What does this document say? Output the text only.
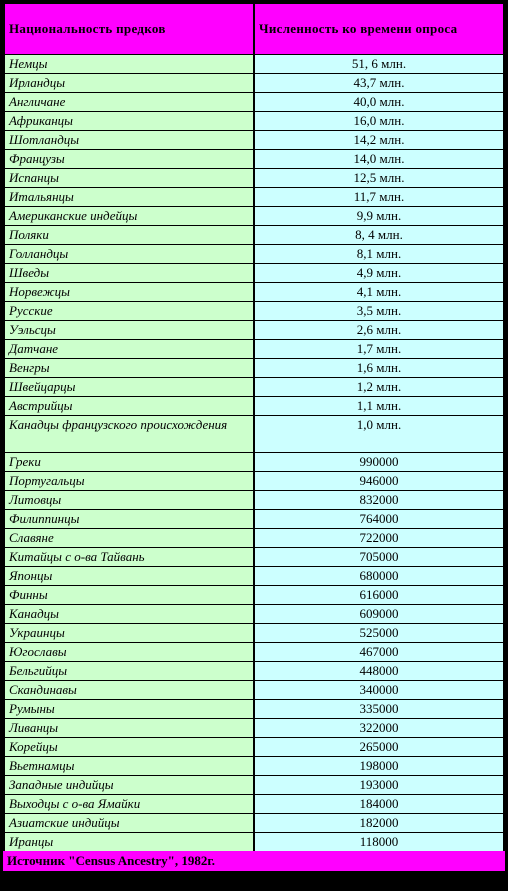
Национальность предков	Численность ко времени опроса
Немцы	51, 6 млн.
Ирландцы	43,7 млн.
Англичане	40,0 млн.
Африканцы	16,0 млн.
Шотландцы	14,2 млн.
Французы	14,0 млн.
Испанцы	12,5 млн.
Итальянцы	11,7 млн.
Американские индейцы	9,9 млн.
Поляки	8, 4 млн.
Голландцы	8,1 млн.
Шведы	4,9 млн.
Норвежцы	4,1 млн.
Русские	3,5 млн.
Уэльсцы	2,6 млн.
Датчане	1,7 млн.
Венгры	1,6 млн.
Швейцарцы	1,2 млн.
Австрийцы	1,1 млн.
Канадцы французского происхождения	1,0 млн.
Греки	990000
Португальцы	946000
Литовцы	832000
Филиппинцы	764000
Славяне	722000
Китайцы с о-ва Тайвань	705000
Японцы	680000
Финны	616000
Канадцы	609000
Украинцы	525000
Югославы	467000
Бельгийцы	448000
Скандинавы	340000
Румыны	335000
Ливанцы	322000
Корейцы	265000
Вьетнамцы	198000
Западные индийцы	193000
Выходцы с о-ва Ямайки	184000
Азиатские индийцы	182000
Иранцы	118000
Источник "Census Ancestry", 1982г.
